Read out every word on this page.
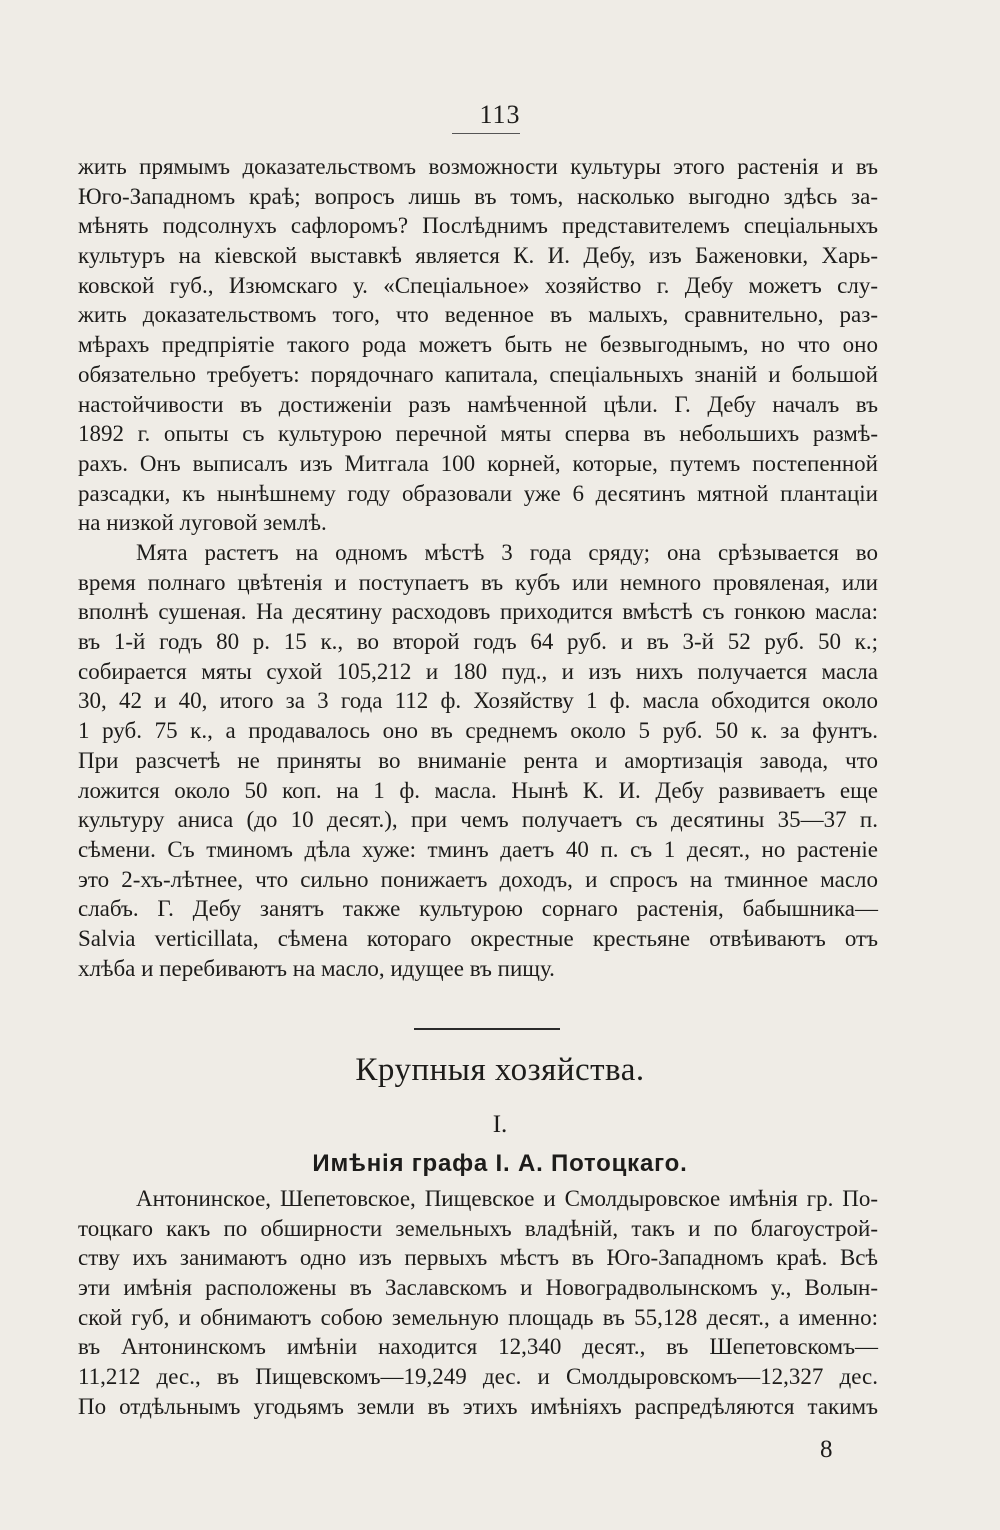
113
жить прямымъ доказательствомъ возможности культуры этого растенія и въ
Юго-Западномъ краѣ; вопросъ лишь въ томъ, насколько выгодно здѣсь за-
мѣнять подсолнухъ сафлоромъ? Послѣднимъ представителемъ спеціальныхъ
культуръ на кіевской выставкѣ является К. И. Дебу, изъ Баженовки, Харь-
ковской губ., Изюмскаго у. «Спеціальное» хозяйство г. Дебу можетъ слу-
жить доказательствомъ того, что веденное въ малыхъ, сравнительно, раз-
мѣрахъ предпріятіе такого рода можетъ быть не безвыгоднымъ, но что оно
обязательно требуетъ: порядочнаго капитала, спеціальныхъ знаній и большой
настойчивости въ достиженіи разъ намѣченной цѣли. Г. Дебу началъ въ
1892 г. опыты съ культурою перечной мяты сперва въ небольшихъ размѣ-
рахъ. Онъ выписалъ изъ Митгала 100 корней, которые, путемъ постепенной
разсадки, къ нынѣшнему году образовали уже 6 десятинъ мятной плантаціи
на низкой луговой землѣ.
Мята растетъ на одномъ мѣстѣ 3 года сряду; она срѣзывается во
время полнаго цвѣтенія и поступаетъ въ кубъ или немного провяленая, или
вполнѣ сушеная. На десятину расходовъ приходится вмѣстѣ съ гонкою масла:
въ 1-й годъ 80 р. 15 к., во второй годъ 64 руб. и въ 3-й 52 руб. 50 к.;
собирается мяты сухой 105,212 и 180 пуд., и изъ нихъ получается масла
30, 42 и 40, итого за 3 года 112 ф. Хозяйству 1 ф. масла обходится около
1 руб. 75 к., а продавалось оно въ среднемъ около 5 руб. 50 к. за фунтъ.
При разсчетѣ не приняты во вниманіе рента и амортизація завода, что
ложится около 50 коп. на 1 ф. масла. Нынѣ К. И. Дебу развиваетъ еще
культуру аниса (до 10 десят.), при чемъ получаетъ съ десятины 35—37 п.
сѣмени. Съ тминомъ дѣла хуже: тминъ даетъ 40 п. съ 1 десят., но растеніе
это 2-хъ-лѣтнее, что сильно понижаетъ доходъ, и спросъ на тминное масло
слабъ. Г. Дебу занятъ также культурою сорнаго растенія, бабышника—
Salvia verticillata, сѣмена котораго окрестные крестьяне отвѣиваютъ отъ
хлѣба и перебиваютъ на масло, идущее въ пищу.
Крупныя хозяйства.
I.
Имѣнія графа І. А. Потоцкаго.
Антонинское, Шепетовское, Пищевское и Смолдыровское имѣнія гр. По-
тоцкаго какъ по обширности земельныхъ владѣній, такъ и по благоустрой-
ству ихъ занимаютъ одно изъ первыхъ мѣстъ въ Юго-Западномъ краѣ. Всѣ
эти имѣнія расположены въ Заславскомъ и Новоградволынскомъ у., Волын-
ской губ, и обнимаютъ собою земельную площадь въ 55,128 десят., а именно:
въ Антонинскомъ имѣніи находится 12,340 десят., въ Шепетовскомъ—
11,212 дес., въ Пищевскомъ—19,249 дес. и Смолдыровскомъ—12,327 дес.
По отдѣльнымъ угодьямъ земли въ этихъ имѣніяхъ распредѣляются такимъ
8
